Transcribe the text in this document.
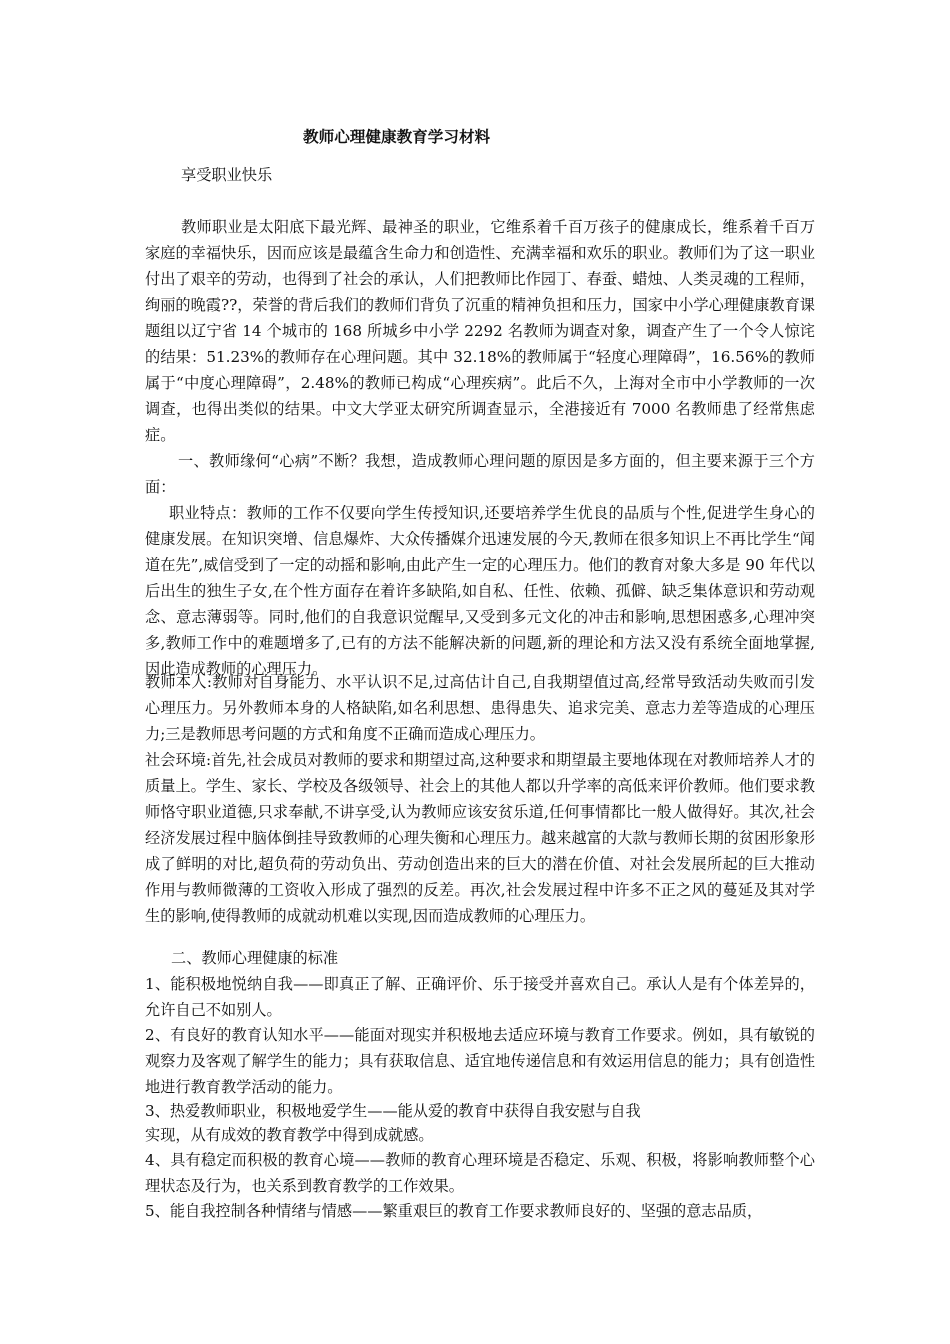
教师心理健康教育学习材料
享受职业快乐

教师职业是太阳底下最光辉、最神圣的职业，它维系着千百万孩子的健康成长，维系着千百万家庭的幸福快乐，因而应该是最蕴含生命力和创造性、充满幸福和欢乐的职业。教师们为了这一职业付出了艰辛的劳动，也得到了社会的承认，人们把教师比作园丁、春蚕、蜡烛、人类灵魂的工程师，绚丽的晚霞??，荣誉的背后我们的教师们背负了沉重的精神负担和压力，国家中小学心理健康教育课题组以辽宁省 14 个城市的 168 所城乡中小学 2292 名教师为调查对象，调查产生了一个令人惊诧的结果：51.23%的教师存在心理问题。其中 32.18%的教师属于“轻度心理障碍”，16.56%的教师属于“中度心理障碍”，2.48%的教师已构成“心理疾病”。此后不久，上海对全市中小学教师的一次调查，也得出类似的结果。中文大学亚太研究所调查显示，全港接近有 7000 名教师患了经常焦虑症。

一、教师缘何“心病”不断？我想，造成教师心理问题的原因是多方面的，但主要来源于三个方面：

职业特点：教师的工作不仅要向学生传授知识,还要培养学生优良的品质与个性,促进学生身心的健康发展。在知识突增、信息爆炸、大众传播媒介迅速发展的今天,教师在很多知识上不再比学生“闻道在先”,威信受到了一定的动摇和影响,由此产生一定的心理压力。他们的教育对象大多是 90 年代以后出生的独生子女,在个性方面存在着许多缺陷,如自私、任性、依赖、孤僻、缺乏集体意识和劳动观念、意志薄弱等。同时,他们的自我意识觉醒早,又受到多元文化的冲击和影响,思想困惑多,心理冲突多,教师工作中的难题增多了,已有的方法不能解决新的问题,新的理论和方法又没有系统全面地掌握,因此造成教师的心理压力。

教师本人:教师对自身能力、水平认识不足,过高估计自己,自我期望值过高,经常导致活动失败而引发心理压力。另外教师本身的人格缺陷,如名利思想、患得患失、追求完美、意志力差等造成的心理压力;三是教师思考问题的方式和角度不正确而造成心理压力。

社会环境:首先,社会成员对教师的要求和期望过高,这种要求和期望最主要地体现在对教师培养人才的质量上。学生、家长、学校及各级领导、社会上的其他人都以升学率的高低来评价教师。他们要求教师恪守职业道德,只求奉献,不讲享受,认为教师应该安贫乐道,任何事情都比一般人做得好。其次,社会经济发展过程中脑体倒挂导致教师的心理失衡和心理压力。越来越富的大款与教师长期的贫困形象形成了鲜明的对比,超负荷的劳动负出、劳动创造出来的巨大的潜在价值、对社会发展所起的巨大推动作用与教师微薄的工资收入形成了强烈的反差。再次,社会发展过程中许多不正之风的蔓延及其对学生的影响,使得教师的成就动机难以实现,因而造成教师的心理压力。

二、教师心理健康的标准

1、能积极地悦纳自我——即真正了解、正确评价、乐于接受并喜欢自己。承认人是有个体差异的，允许自己不如别人。

2、有良好的教育认知水平——能面对现实并积极地去适应环境与教育工作要求。例如，具有敏锐的观察力及客观了解学生的能力；具有获取信息、适宜地传递信息和有效运用信息的能力；具有创造性地进行教育教学活动的能力。

3、热爱教师职业，积极地爱学生——能从爱的教育中获得自我安慰与自我

实现，从有成效的教育教学中得到成就感。

4、具有稳定而积极的教育心境——教师的教育心理环境是否稳定、乐观、积极，将影响教师整个心理状态及行为，也关系到教育教学的工作效果。

5、能自我控制各种情绪与情感——繁重艰巨的教育工作要求教师良好的、坚强的意志品质，
